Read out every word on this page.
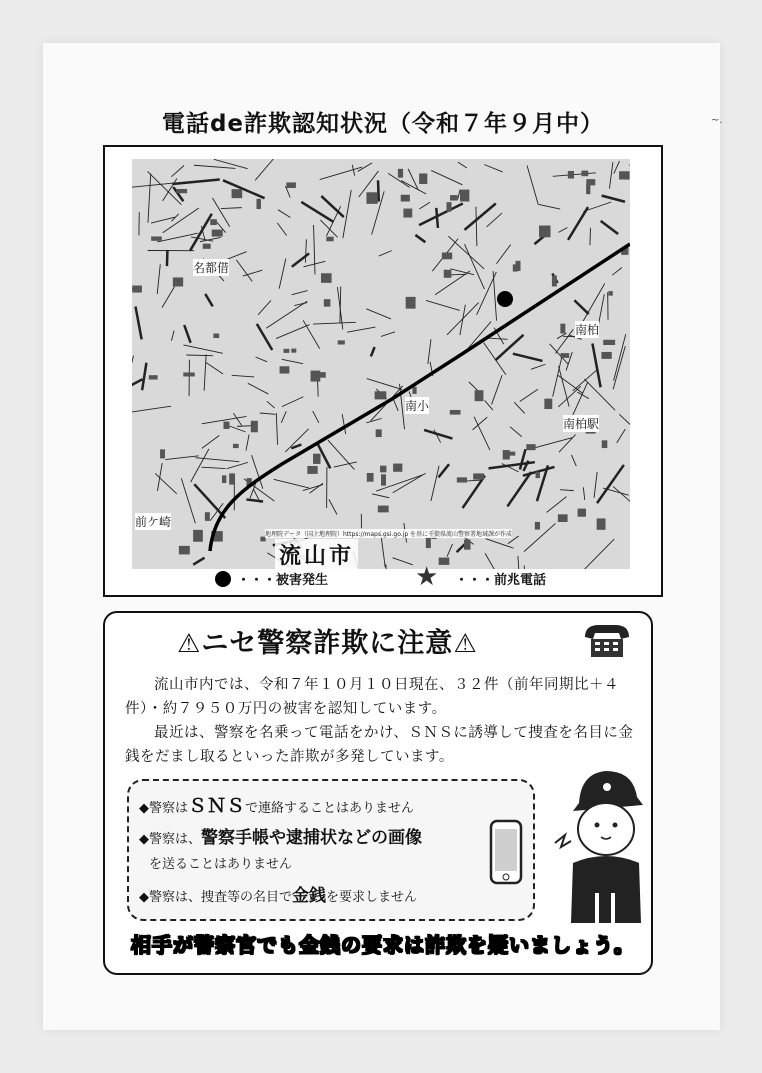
~.
電話de詐欺認知状況（令和７年９月中）
地理院データ（国土地理院）https://maps.gsi.go.jp を基に千葉県流山警察署地域課が作成
流山市
名都借
前ケ崎
南柏
南柏駅
南小
・・・被害発生	★ ・・・前兆電話
⚠ニセ警察詐欺に注意⚠

流山市内では、令和７年１０月１０日現在、３２件（前年同期比＋４件）・約７９５０万円の被害を認知しています。

最近は、警察を名乗って電話をかけ、ＳＮＳに誘導して捜査を名目に金銭をだまし取るといった詐欺が多発しています。

◆警察はＳＮＳで連絡することはありません
◆警察は、警察手帳や逮捕状などの画像
を送ることはありません
◆警察は、捜査等の名目で金銭を要求しません
相手が警察官でも金銭の要求は詐欺を疑いましょう。
